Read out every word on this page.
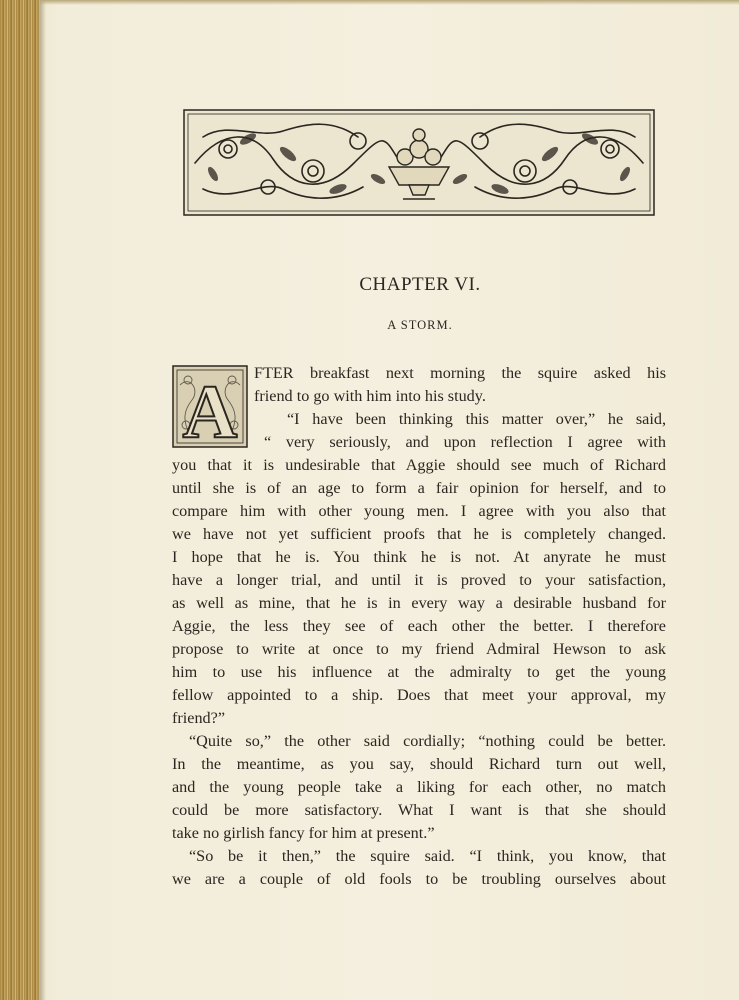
CHAPTER VI.
A STORM.
A FTER breakfast next morning the squire asked his
friend to go with him into his study.
“I have been thinking this matter over,” he said,
“ very seriously, and upon reflection I agree with
you that it is undesirable that Aggie should see much of Richard
until she is of an age to form a fair opinion for herself, and to
compare him with other young men. I agree with you also that
we have not yet sufficient proofs that he is completely changed.
I hope that he is. You think he is not. At anyrate he must
have a longer trial, and until it is proved to your satisfaction,
as well as mine, that he is in every way a desirable husband for
Aggie, the less they see of each other the better. I therefore
propose to write at once to my friend Admiral Hewson to ask
him to use his influence at the admiralty to get the young
fellow appointed to a ship. Does that meet your approval, my
friend?”
“Quite so,” the other said cordially; “nothing could be better.
In the meantime, as you say, should Richard turn out well,
and the young people take a liking for each other, no match
could be more satisfactory. What I want is that she should
take no girlish fancy for him at present.”
“So be it then,” the squire said. “I think, you know, that
we are a couple of old fools to be troubling ourselves about
